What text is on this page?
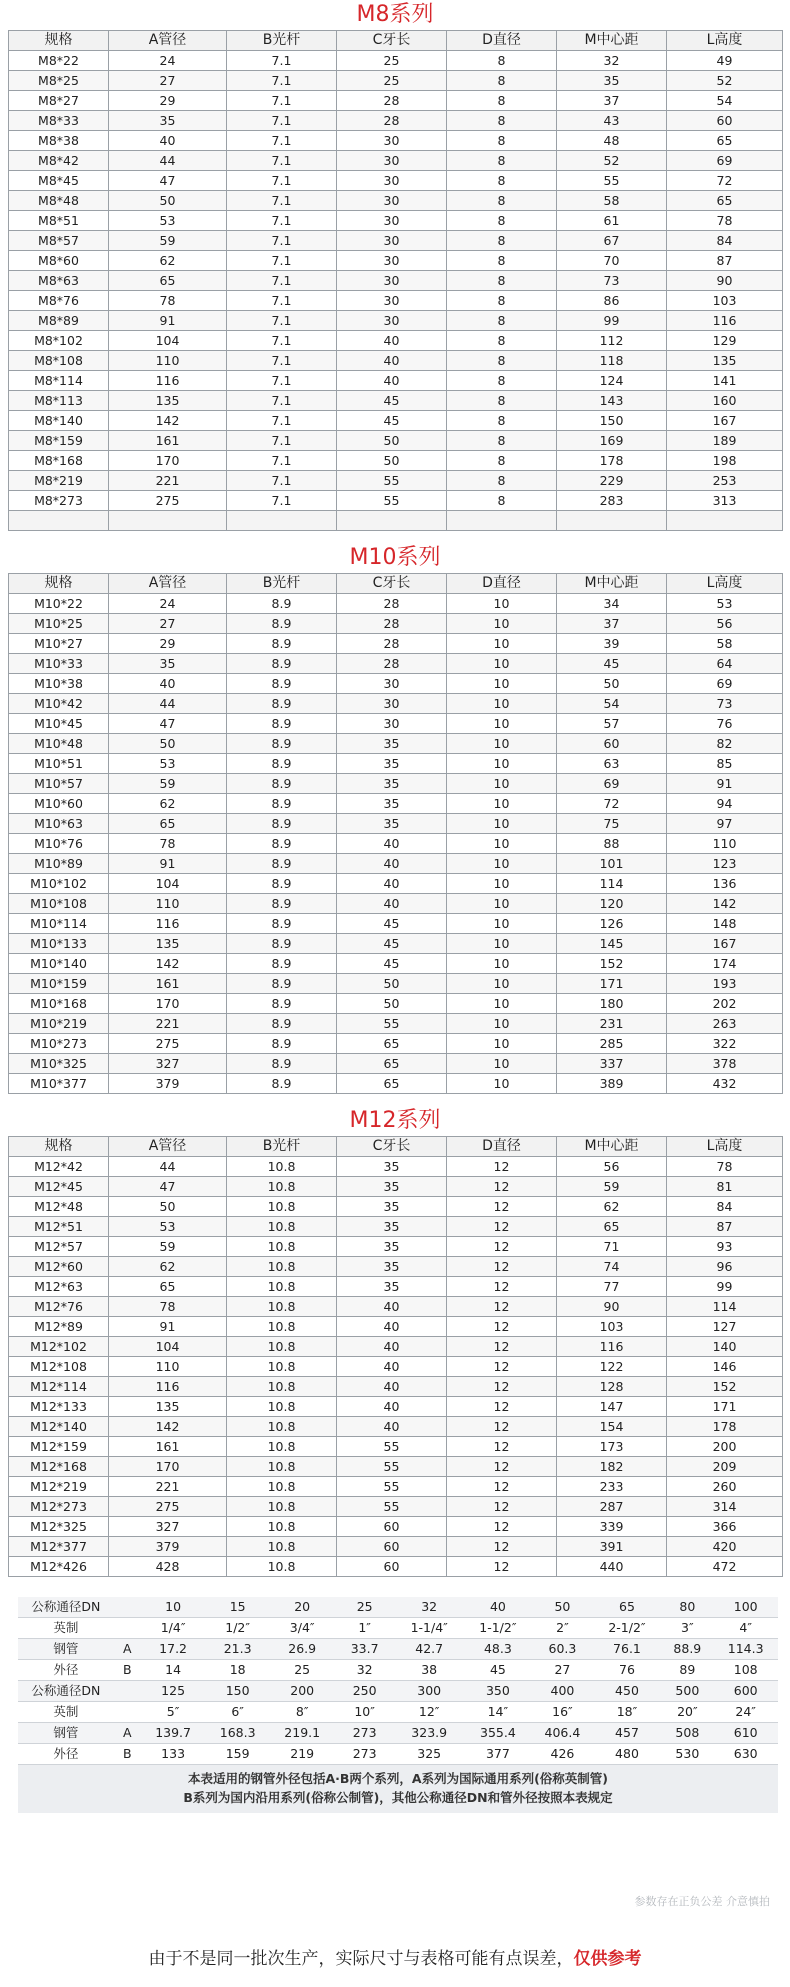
M8系列
规格	A管径	B光杆	C牙长	D直径	M中心距	L高度
M8*22	24	7.1	25	8	32	49
M8*25	27	7.1	25	8	35	52
M8*27	29	7.1	28	8	37	54
M8*33	35	7.1	28	8	43	60
M8*38	40	7.1	30	8	48	65
M8*42	44	7.1	30	8	52	69
M8*45	47	7.1	30	8	55	72
M8*48	50	7.1	30	8	58	65
M8*51	53	7.1	30	8	61	78
M8*57	59	7.1	30	8	67	84
M8*60	62	7.1	30	8	70	87
M8*63	65	7.1	30	8	73	90
M8*76	78	7.1	30	8	86	103
M8*89	91	7.1	30	8	99	116
M8*102	104	7.1	40	8	112	129
M8*108	110	7.1	40	8	118	135
M8*114	116	7.1	40	8	124	141
M8*113	135	7.1	45	8	143	160
M8*140	142	7.1	45	8	150	167
M8*159	161	7.1	50	8	169	189
M8*168	170	7.1	50	8	178	198
M8*219	221	7.1	55	8	229	253
M8*273	275	7.1	55	8	283	313

M10系列
规格	A管径	B光杆	C牙长	D直径	M中心距	L高度
M10*22	24	8.9	28	10	34	53
M10*25	27	8.9	28	10	37	56
M10*27	29	8.9	28	10	39	58
M10*33	35	8.9	28	10	45	64
M10*38	40	8.9	30	10	50	69
M10*42	44	8.9	30	10	54	73
M10*45	47	8.9	30	10	57	76
M10*48	50	8.9	35	10	60	82
M10*51	53	8.9	35	10	63	85
M10*57	59	8.9	35	10	69	91
M10*60	62	8.9	35	10	72	94
M10*63	65	8.9	35	10	75	97
M10*76	78	8.9	40	10	88	110
M10*89	91	8.9	40	10	101	123
M10*102	104	8.9	40	10	114	136
M10*108	110	8.9	40	10	120	142
M10*114	116	8.9	45	10	126	148
M10*133	135	8.9	45	10	145	167
M10*140	142	8.9	45	10	152	174
M10*159	161	8.9	50	10	171	193
M10*168	170	8.9	50	10	180	202
M10*219	221	8.9	55	10	231	263
M10*273	275	8.9	65	10	285	322
M10*325	327	8.9	65	10	337	378
M10*377	379	8.9	65	10	389	432
M12系列
规格	A管径	B光杆	C牙长	D直径	M中心距	L高度
M12*42	44	10.8	35	12	56	78
M12*45	47	10.8	35	12	59	81
M12*48	50	10.8	35	12	62	84
M12*51	53	10.8	35	12	65	87
M12*57	59	10.8	35	12	71	93
M12*60	62	10.8	35	12	74	96
M12*63	65	10.8	35	12	77	99
M12*76	78	10.8	40	12	90	114
M12*89	91	10.8	40	12	103	127
M12*102	104	10.8	40	12	116	140
M12*108	110	10.8	40	12	122	146
M12*114	116	10.8	40	12	128	152
M12*133	135	10.8	40	12	147	171
M12*140	142	10.8	40	12	154	178
M12*159	161	10.8	55	12	173	200
M12*168	170	10.8	55	12	182	209
M12*219	221	10.8	55	12	233	260
M12*273	275	10.8	55	12	287	314
M12*325	327	10.8	60	12	339	366
M12*377	379	10.8	60	12	391	420
M12*426	428	10.8	60	12	440	472
公称通径DN		10	15	20	25	32	40	50	65	80	100
英制		1/4″	1/2″	3/4″	1″	1-1/4″	1-1/2″	2″	2-1/2″	3″	4″
钢管	A	17.2	21.3	26.9	33.7	42.7	48.3	60.3	76.1	88.9	114.3
外径	B	14	18	25	32	38	45	27	76	89	108
公称通径DN		125	150	200	250	300	350	400	450	500	600
英制		5″	6″	8″	10″	12″	14″	16″	18″	20″	24″
钢管	A	139.7	168.3	219.1	273	323.9	355.4	406.4	457	508	610
外径	B	133	159	219	273	325	377	426	480	530	630
本表适用的钢管外径包括A·B两个系列，A系列为国际通用系列(俗称英制管)
B系列为国内沿用系列(俗称公制管)，其他公称通径DN和管外径按照本表规定
参数存在正负公差 介意慎拍
由于不是同一批次生产，实际尺寸与表格可能有点误差，仅供参考
